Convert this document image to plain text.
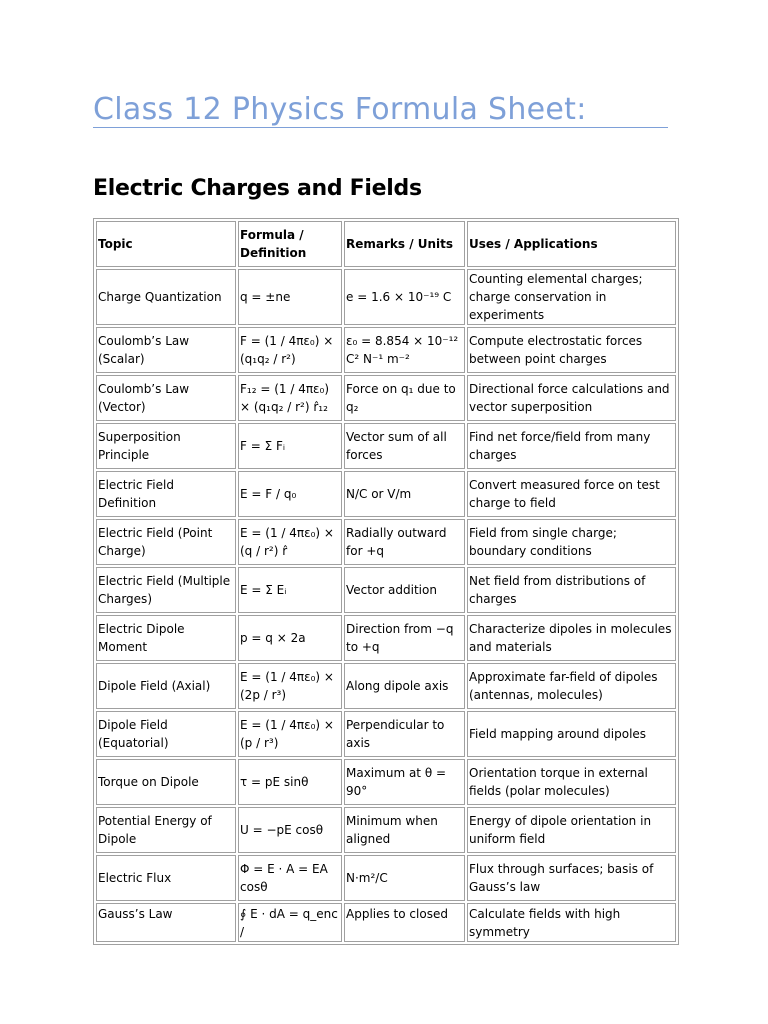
Class 12 Physics Formula Sheet:
Electric Charges and Fields
Topic	Formula / Definition	Remarks / Units	Uses / Applications
Charge Quantization	q = ±ne	e = 1.6 × 10⁻¹⁹ C	Counting elemental charges; charge conservation in experiments
Coulomb’s Law (Scalar)	F = (1 / 4πε₀) × (q₁q₂ / r²)	ε₀ = 8.854 × 10⁻¹² C² N⁻¹ m⁻²	Compute electrostatic forces between point charges
Coulomb’s Law (Vector)	F₁₂ = (1 / 4πε₀) × (q₁q₂ / r²) r̂₁₂	Force on q₁ due to q₂	Directional force calculations and vector superposition
Superposition Principle	F = Σ Fᵢ	Vector sum of all forces	Find net force/field from many charges
Electric Field Definition	E = F / q₀	N/C or V/m	Convert measured force on test charge to field
Electric Field (Point Charge)	E = (1 / 4πε₀) × (q / r²) r̂	Radially outward for +q	Field from single charge; boundary conditions
Electric Field (Multiple Charges)	E = Σ Eᵢ	Vector addition	Net field from distributions of charges
Electric Dipole Moment	p = q × 2a	Direction from −q to +q	Characterize dipoles in molecules and materials
Dipole Field (Axial)	E = (1 / 4πε₀) × (2p / r³)	Along dipole axis	Approximate far-field of dipoles (antennas, molecules)
Dipole Field (Equatorial)	E = (1 / 4πε₀) × (p / r³)	Perpendicular to axis	Field mapping around dipoles
Torque on Dipole	τ = pE sinθ	Maximum at θ = 90°	Orientation torque in external fields (polar molecules)
Potential Energy of Dipole	U = −pE cosθ	Minimum when aligned	Energy of dipole orientation in uniform field
Electric Flux	Φ = E · A = EA cosθ	N·m²/C	Flux through surfaces; basis of Gauss’s law
Gauss’s Law	∮ E · dA = q_enc /	Applies to closed	Calculate fields with high symmetry
